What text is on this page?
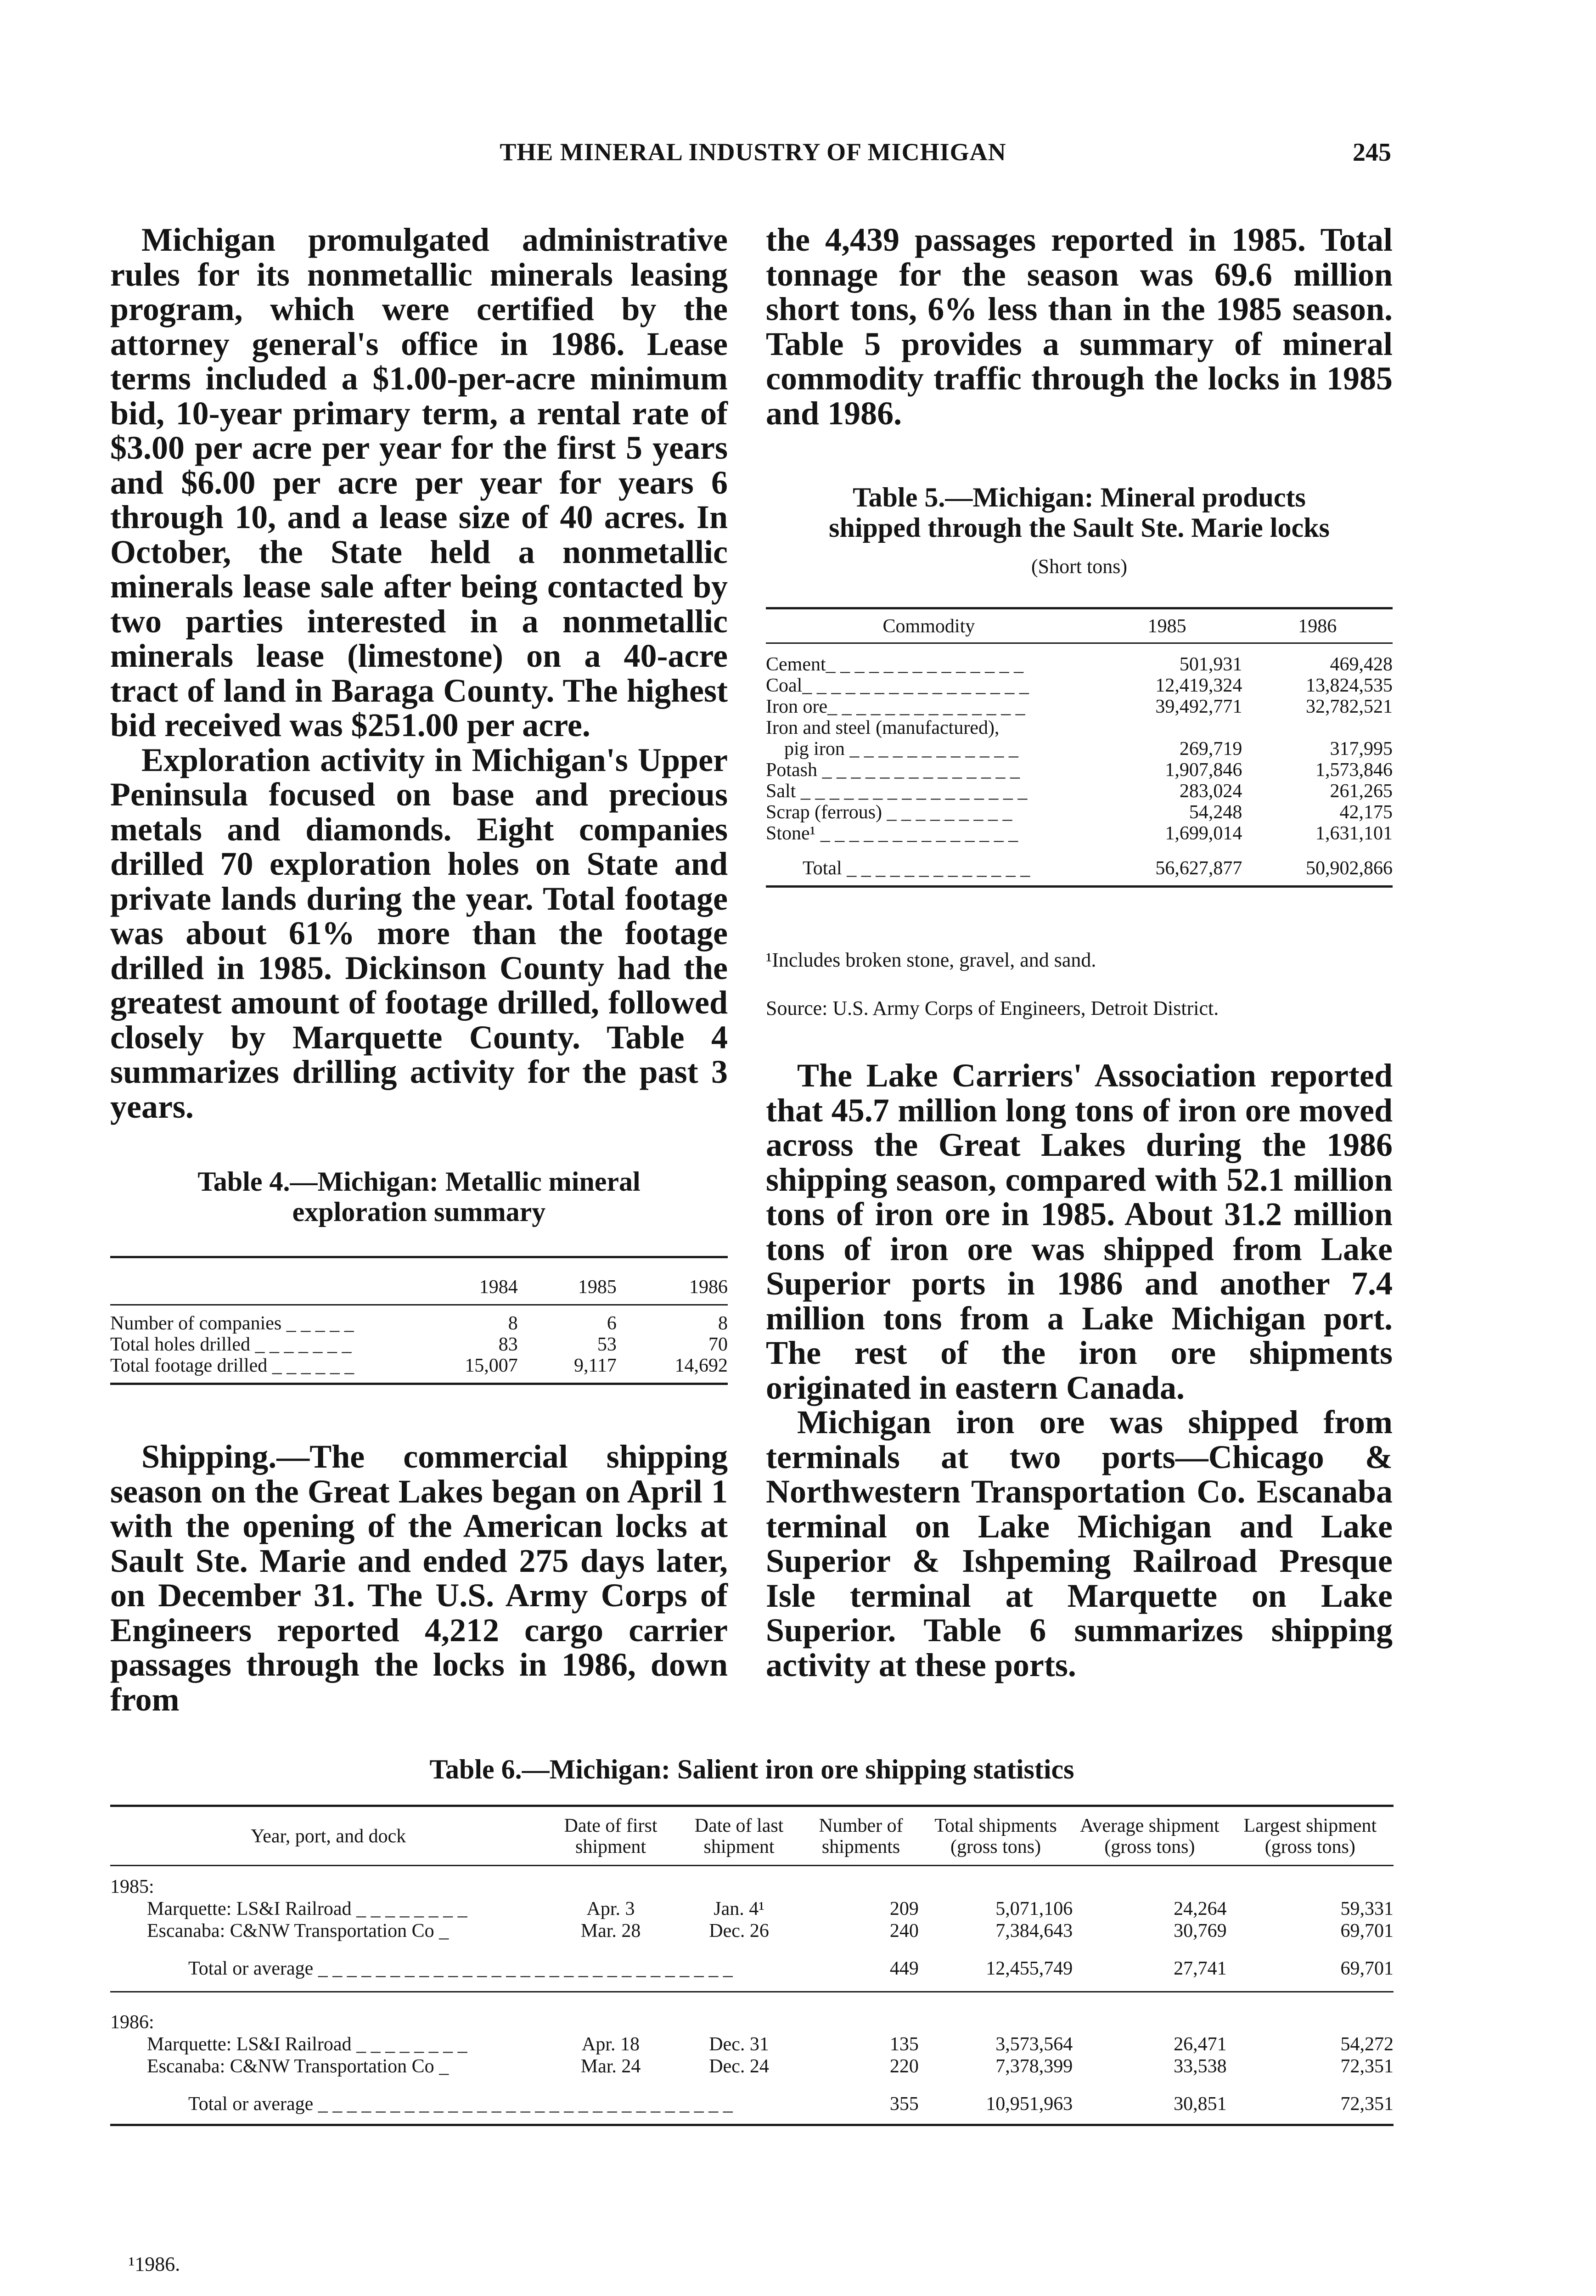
THE MINERAL INDUSTRY OF MICHIGAN	245

Michigan promulgated administrative rules for its nonmetallic minerals leasing program, which were certified by the attorney general's office in 1986. Lease terms included a $1.00-per-acre minimum bid, 10-year primary term, a rental rate of $3.00 per acre per year for the first 5 years and $6.00 per acre per year for years 6 through 10, and a lease size of 40 acres. In October, the State held a nonmetallic minerals lease sale after being contacted by two parties interested in a nonmetallic minerals lease (limestone) on a 40-acre tract of land in Baraga County. The highest bid received was $251.00 per acre.

Exploration activity in Michigan's Upper Peninsula focused on base and precious metals and diamonds. Eight companies drilled 70 exploration holes on State and private lands during the year. Total footage was about 61% more than the footage drilled in 1985. Dickinson County had the greatest amount of footage drilled, followed closely by Marquette County. Table 4 summarizes drilling activity for the past 3 years.

Table 4.—Michigan: Metallic mineral
exploration summary
	1984	1985	1986
Number of companies _ _ _ _ _	8	6	8
Total holes drilled _ _ _ _ _ _ _	83	53	70
Total footage drilled _ _ _ _ _ _	15,007	9,117	14,692

Shipping.—The commercial shipping season on the Great Lakes began on April 1 with the opening of the American locks at Sault Ste. Marie and ended 275 days later, on December 31. The U.S. Army Corps of Engineers reported 4,212 cargo carrier passages through the locks in 1986, down from

the 4,439 passages reported in 1985. Total tonnage for the season was 69.6 million short tons, 6% less than in the 1985 season. Table 5 provides a summary of mineral commodity traffic through the locks in 1985 and 1986.

Table 5.—Michigan: Mineral products
shipped through the Sault Ste. Marie locks
(Short tons)
Commodity	1985	1986
Cement_ _ _ _ _ _ _ _ _ _ _ _ _ _	501,931	469,428
Coal_ _ _ _ _ _ _ _ _ _ _ _ _ _ _ _	12,419,324	13,824,535
Iron ore_ _ _ _ _ _ _ _ _ _ _ _ _ _	39,492,771	32,782,521
Iron and steel (manufactured),		
pig iron _ _ _ _ _ _ _ _ _ _ _ _	269,719	317,995
Potash _ _ _ _ _ _ _ _ _ _ _ _ _ _	1,907,846	1,573,846
Salt _ _ _ _ _ _ _ _ _ _ _ _ _ _ _ _	283,024	261,265
Scrap (ferrous) _ _ _ _ _ _ _ _ _	54,248	42,175
Stone¹ _ _ _ _ _ _ _ _ _ _ _ _ _ _	1,699,014	1,631,101
Total _ _ _ _ _ _ _ _ _ _ _ _ _	56,627,877	50,902,866
¹Includes broken stone, gravel, and sand.
Source: U.S. Army Corps of Engineers, Detroit District.

The Lake Carriers' Association reported that 45.7 million long tons of iron ore moved across the Great Lakes during the 1986 shipping season, compared with 52.1 million tons of iron ore in 1985. About 31.2 million tons of iron ore was shipped from Lake Superior ports in 1986 and another 7.4 million tons from a Lake Michigan port. The rest of the iron ore shipments originated in eastern Canada.

Michigan iron ore was shipped from terminals at two ports—Chicago & Northwestern Transportation Co. Escanaba terminal on Lake Michigan and Lake Superior & Ishpeming Railroad Presque Isle terminal at Marquette on Lake Superior. Table 6 summarizes shipping activity at these ports.

Table 6.—Michigan: Salient iron ore shipping statistics
Year, port, and dock	Date of first shipment	Date of last shipment	Number of shipments	Total shipments (gross tons)	Average shipment (gross tons)	Largest shipment (gross tons)
1985:						
Marquette: LS&I Railroad _ _ _ _ _ _ _ _	Apr. 3	Jan. 4¹	209	5,071,106	24,264	59,331
Escanaba: C&NW Transportation Co _	Mar. 28	Dec. 26	240	7,384,643	30,769	69,701
Total or average _ _ _ _ _ _ _ _ _ _ _ _ _ _ _ _ _ _ _ _ _ _ _ _ _ _ _ _ _			449	12,455,749	27,741	69,701

1986:						
Marquette: LS&I Railroad _ _ _ _ _ _ _ _	Apr. 18	Dec. 31	135	3,573,564	26,471	54,272
Escanaba: C&NW Transportation Co _	Mar. 24	Dec. 24	220	7,378,399	33,538	72,351
Total or average _ _ _ _ _ _ _ _ _ _ _ _ _ _ _ _ _ _ _ _ _ _ _ _ _ _ _ _ _			355	10,951,963	30,851	72,351
¹1986.
